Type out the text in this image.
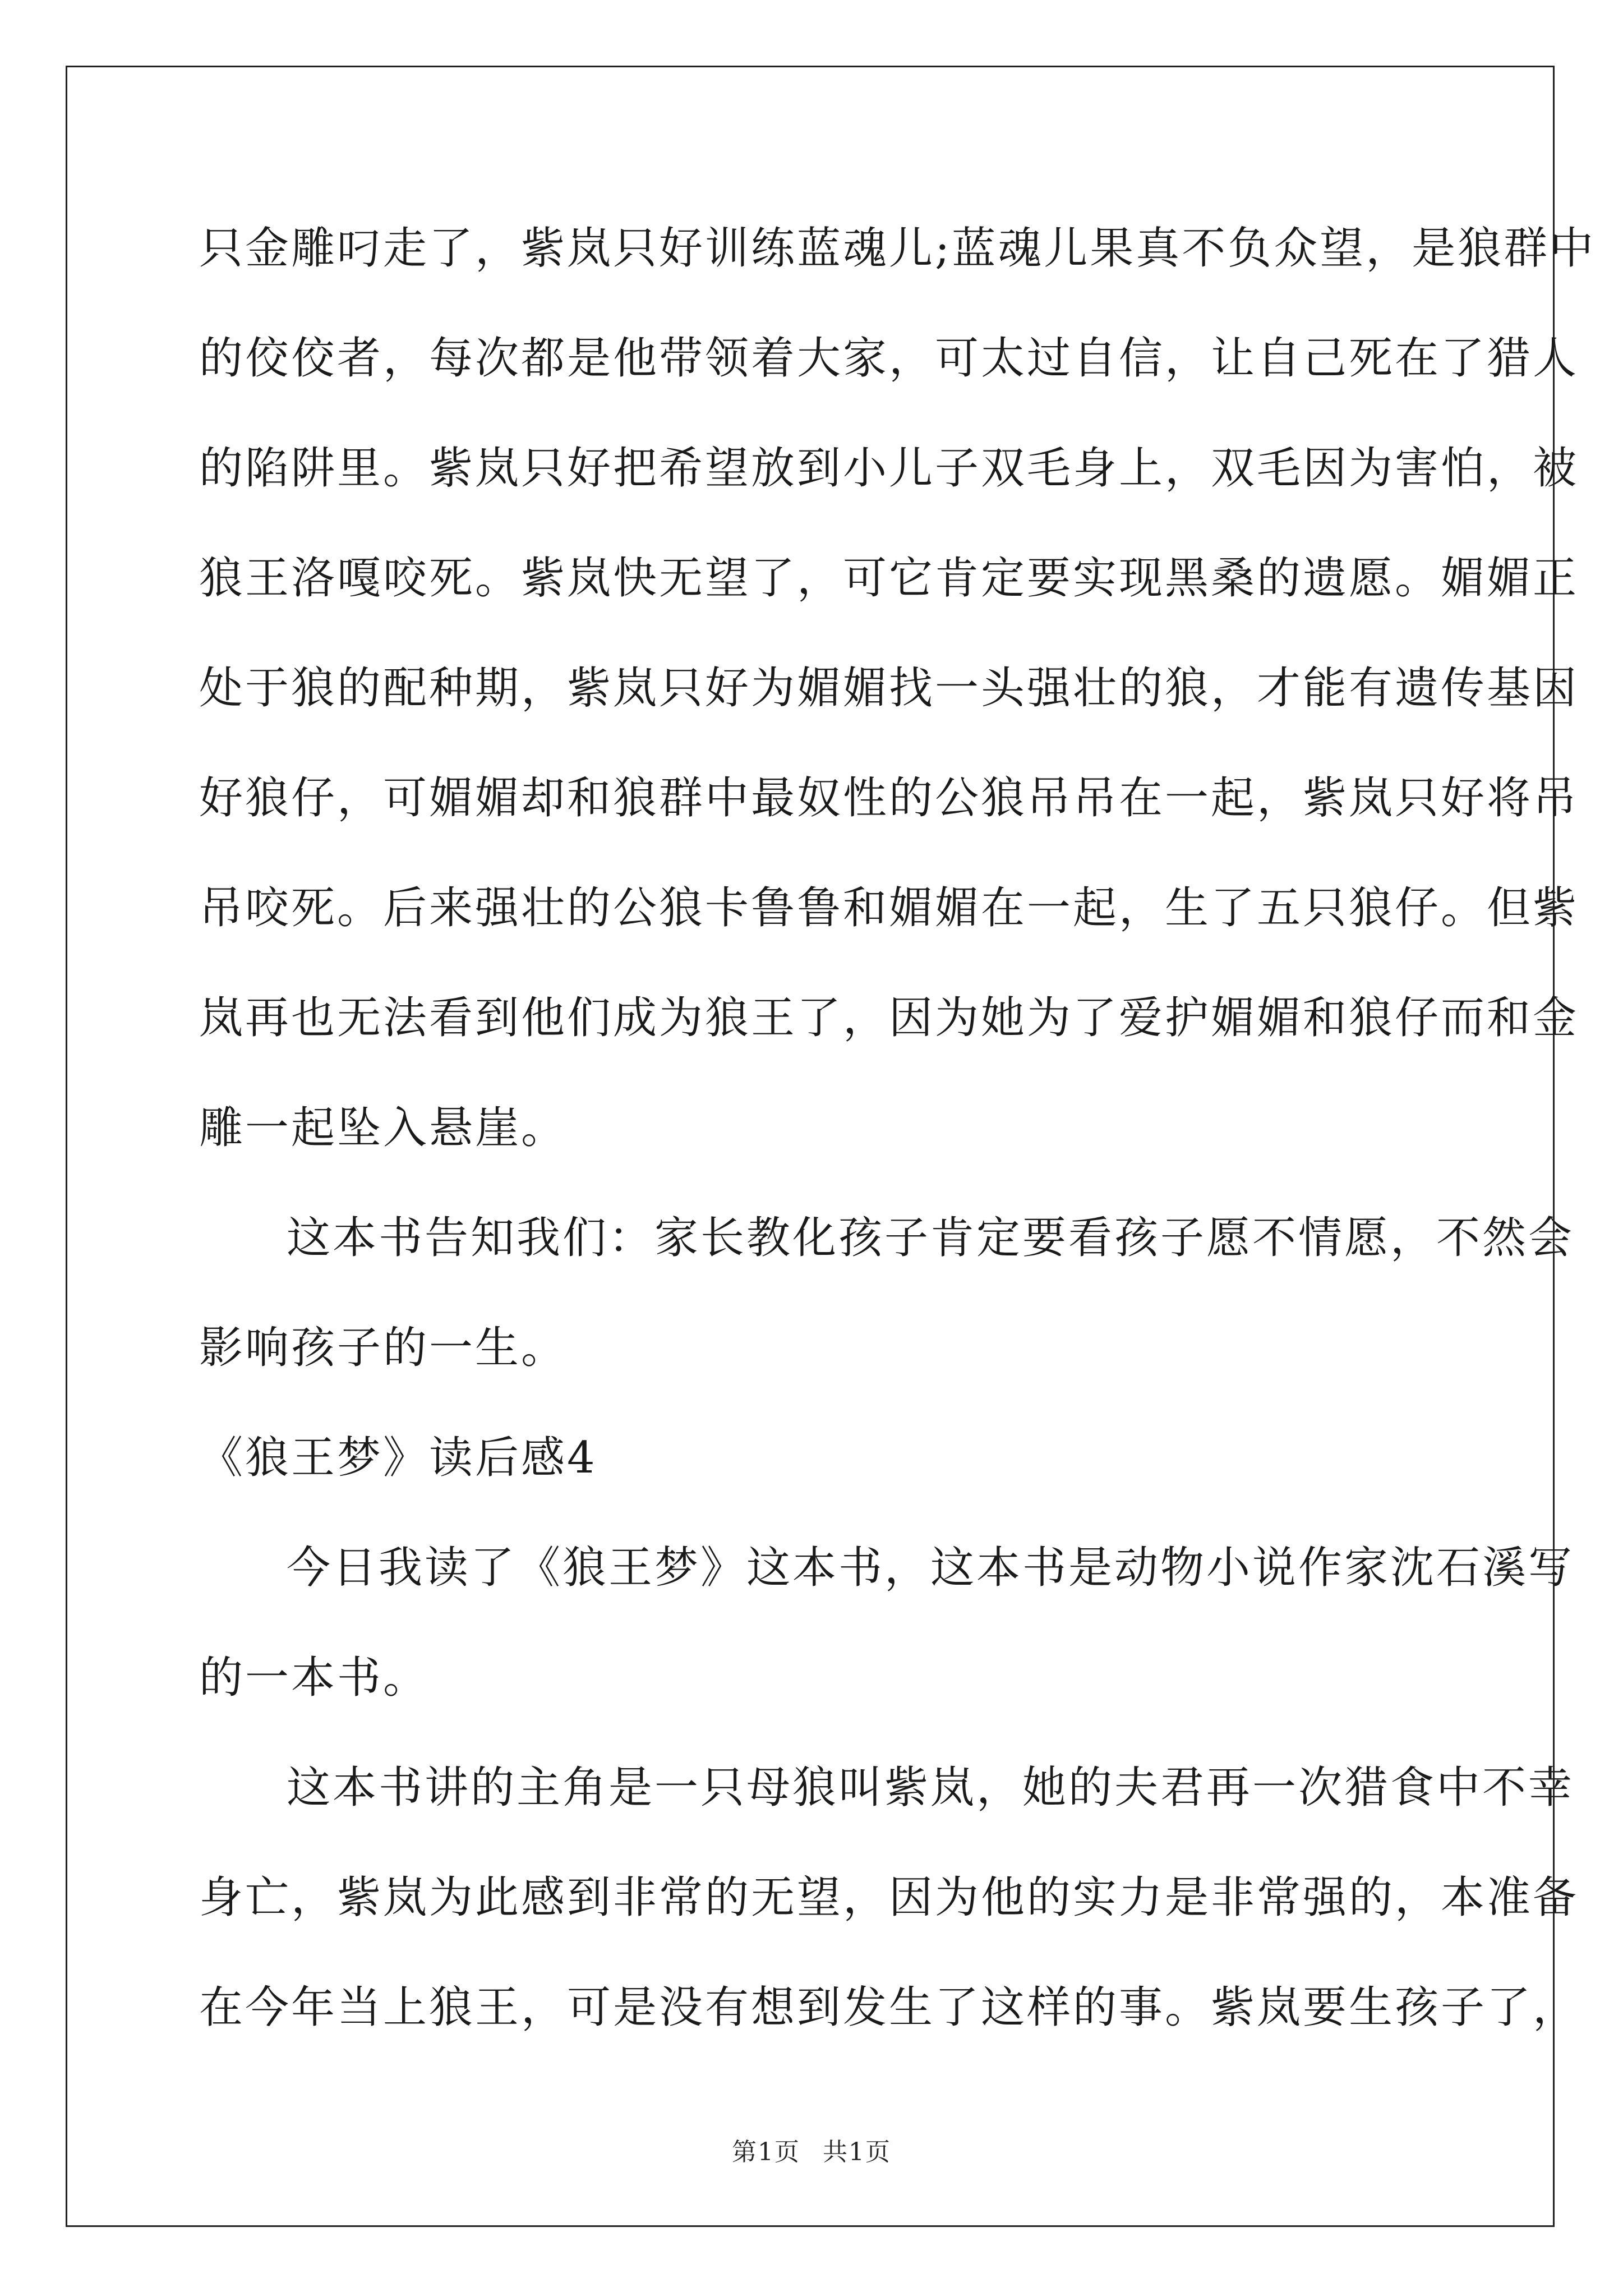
只金雕叼走了，紫岚只好训练蓝魂儿;蓝魂儿果真不负众望，是狼群中
的佼佼者，每次都是他带领着大家，可太过自信，让自己死在了猎人
的陷阱里。紫岚只好把希望放到小儿子双毛身上，双毛因为害怕，被
狼王洛嘎咬死。紫岚快无望了，可它肯定要实现黑桑的遗愿。媚媚正
处于狼的配种期，紫岚只好为媚媚找一头强壮的狼，才能有遗传基因
好狼仔，可媚媚却和狼群中最奴性的公狼吊吊在一起，紫岚只好将吊
吊咬死。后来强壮的公狼卡鲁鲁和媚媚在一起，生了五只狼仔。但紫
岚再也无法看到他们成为狼王了，因为她为了爱护媚媚和狼仔而和金
雕一起坠入悬崖。
这本书告知我们：家长教化孩子肯定要看孩子愿不情愿，不然会
影响孩子的一生。
《狼王梦》读后感4
今日我读了《狼王梦》这本书，这本书是动物小说作家沈石溪写
的一本书。
这本书讲的主角是一只母狼叫紫岚，她的夫君再一次猎食中不幸
身亡，紫岚为此感到非常的无望，因为他的实力是非常强的，本准备
在今年当上狼王，可是没有想到发生了这样的事。紫岚要生孩子了，
第1页 共1页
